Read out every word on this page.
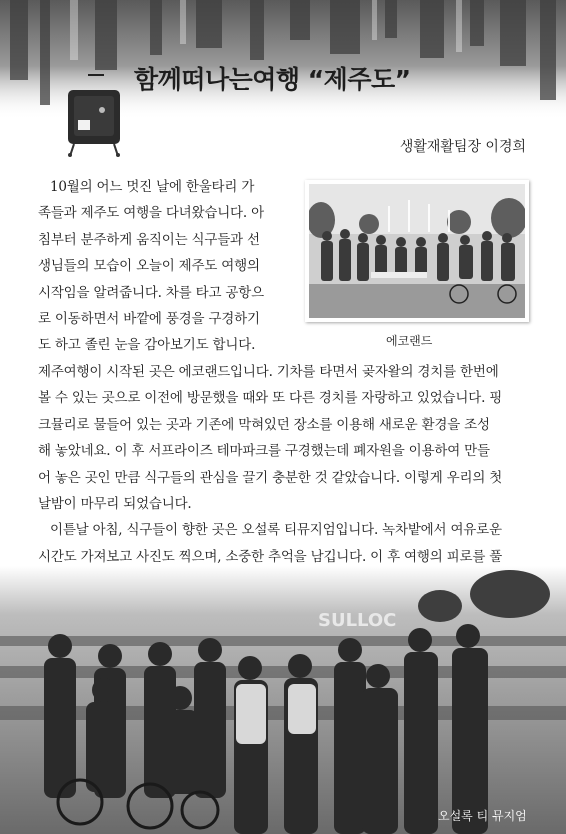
함께떠나는여행 “제주도”
생활재활팀장 이경희
에코랜드
10월의 어느 멋진 날에 한울타리 가
족들과 제주도 여행을 다녀왔습니다. 아
침부터 분주하게 움직이는 식구들과 선
생님들의 모습이 오늘이 제주도 여행의
시작임을 알려줍니다. 차를 타고 공항으
로 이동하면서 바깥에 풍경을 구경하기
도 하고 졸린 눈을 감아보기도 합니다.
제주여행이 시작된 곳은 에코랜드입니다. 기차를 타면서 곶자왈의 경치를 한번에
볼 수 있는 곳으로 이전에 방문했을 때와 또 다른 경치를 자랑하고 있었습니다. 핑
크뮬리로 물들어 있는 곳과 기존에 막혀있던 장소를 이용해 새로운 환경을 조성
해 놓았네요. 이 후 서프라이즈 테마파크를 구경했는데 폐자원을 이용하여 만들
어 놓은 곳인 만큼 식구들의 관심을 끌기 충분한 것 같았습니다. 이렇게 우리의 첫
날밤이 마무리 되었습니다.
이튿날 아침, 식구들이 향한 곳은 오설록 티뮤지엄입니다. 녹차밭에서 여유로운
시간도 가져보고 사진도 찍으며, 소중한 추억을 남깁니다. 이 후 여행의 피로를 풀
SULLOC
오설록 티 뮤지엄
